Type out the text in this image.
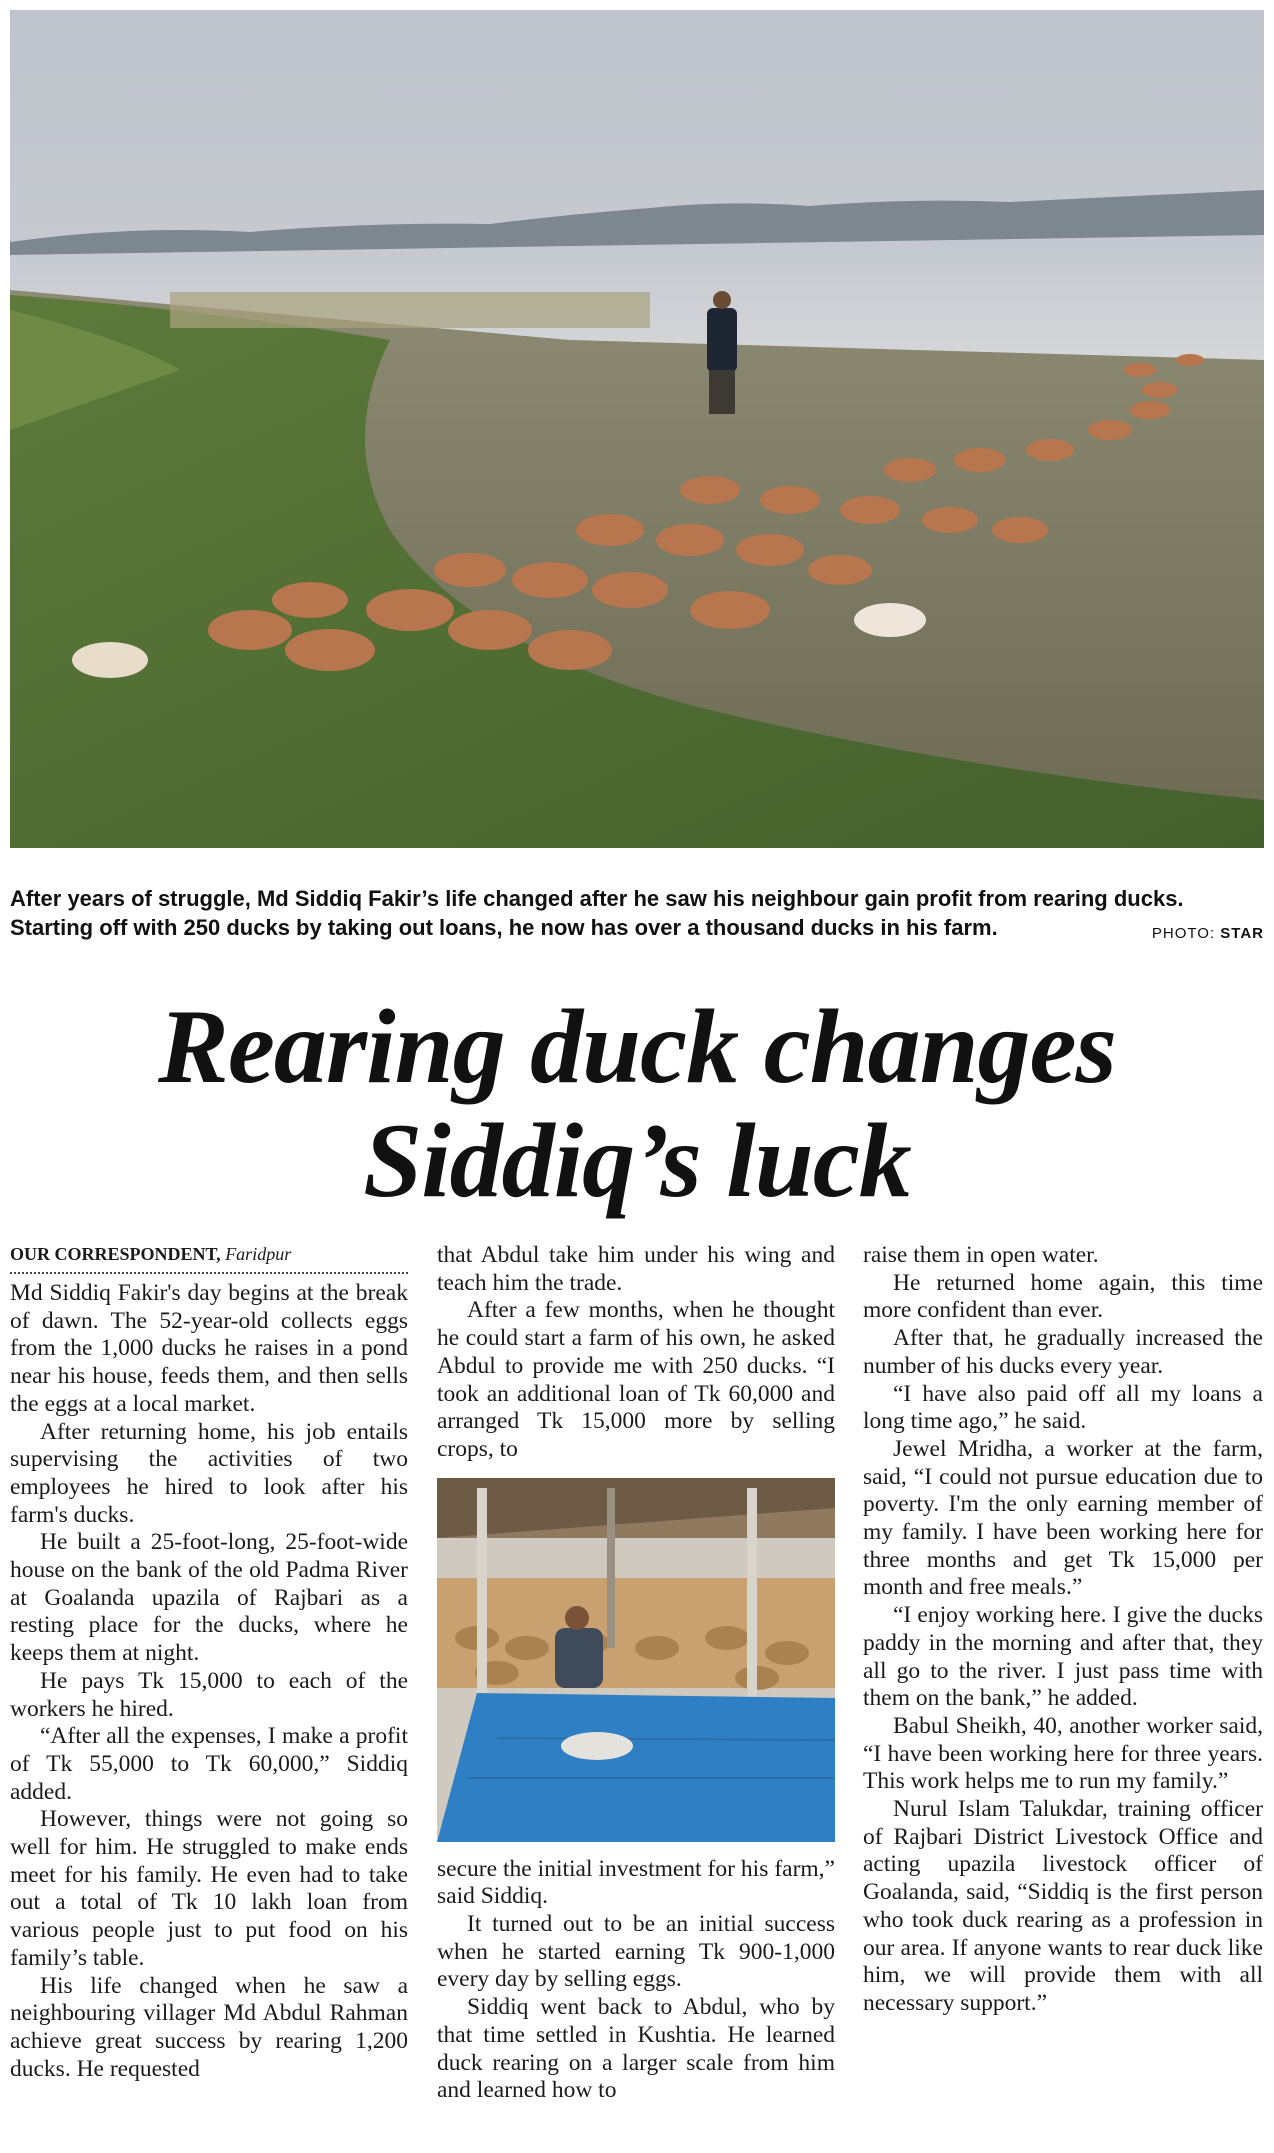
After years of struggle, Md Siddiq Fakir’s life changed after he saw his neighbour gain profit from rearing ducks. Starting off with 250 ducks by taking out loans, he now has over a thousand ducks in his farm.	PHOTO: STAR
Rearing duck changes
Siddiq’s luck
OUR CORRESPONDENT, Faridpur

Md Siddiq Fakir's day begins at the break of dawn. The 52-year-old collects eggs from the 1,000 ducks he raises in a pond near his house, feeds them, and then sells the eggs at a local market.

After returning home, his job entails supervising the activities of two employees he hired to look after his farm's ducks.

He built a 25-foot-long, 25-foot-wide house on the bank of the old Padma River at Goalanda upazila of Rajbari as a resting place for the ducks, where he keeps them at night.

He pays Tk 15,000 to each of the workers he hired.

“After all the expenses, I make a profit of Tk 55,000 to Tk 60,000,” Siddiq added.

However, things were not going so well for him. He struggled to make ends meet for his family. He even had to take out a total of Tk 10 lakh loan from various people just to put food on his family’s table.

His life changed when he saw a neighbouring villager Md Abdul Rahman achieve great success by rearing 1,200 ducks. He requested

that Abdul take him under his wing and teach him the trade.

After a few months, when he thought he could start a farm of his own, he asked Abdul to provide me with 250 ducks. “I took an additional loan of Tk 60,000 and arranged Tk 15,000 more by selling crops, to

secure the initial investment for his farm,” said Siddiq.

It turned out to be an initial success when he started earning Tk 900-1,000 every day by selling eggs.

Siddiq went back to Abdul, who by that time settled in Kushtia. He learned duck rearing on a larger scale from him and learned how to

raise them in open water.

He returned home again, this time more confident than ever.

After that, he gradually increased the number of his ducks every year.

“I have also paid off all my loans a long time ago,” he said.

Jewel Mridha, a worker at the farm, said, “I could not pursue education due to poverty. I'm the only earning member of my family. I have been working here for three months and get Tk 15,000 per month and free meals.”

“I enjoy working here. I give the ducks paddy in the morning and after that, they all go to the river. I just pass time with them on the bank,” he added.

Babul Sheikh, 40, another worker said, “I have been working here for three years. This work helps me to run my family.”

Nurul Islam Talukdar, training officer of Rajbari District Livestock Office and acting upazila livestock officer of Goalanda, said, “Siddiq is the first person who took duck rearing as a profession in our area. If anyone wants to rear duck like him, we will provide them with all necessary support.”
